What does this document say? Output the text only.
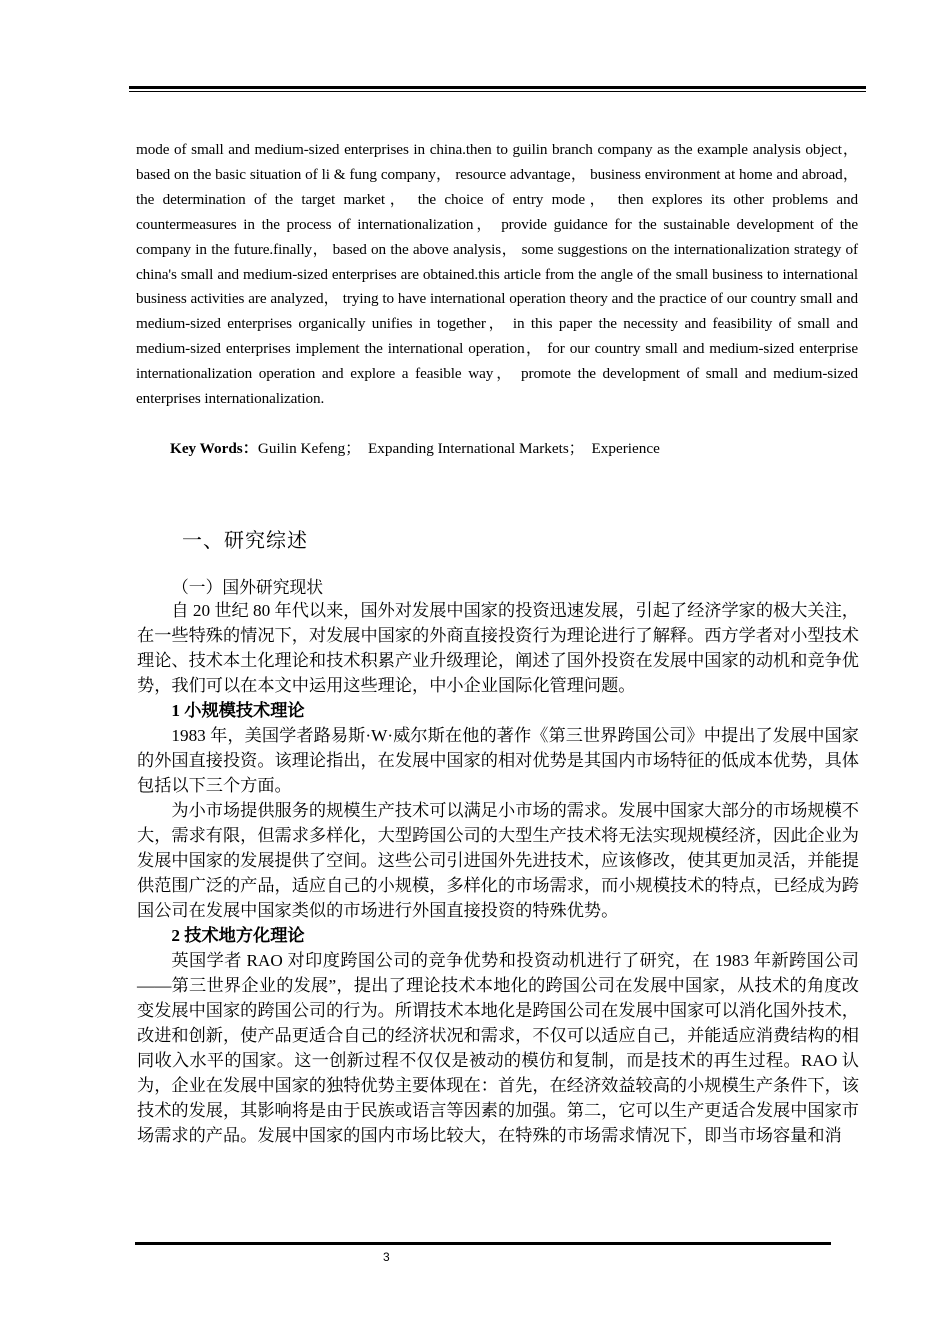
mode of small and medium-sized enterprises in china.then to guilin branch company as the example analysis object， based on the basic situation of li & fung company， resource advantage， business environment at home and abroad， the determination of the target market， the choice of entry mode， then explores its other problems and countermeasures in the process of internationalization， provide guidance for the sustainable development of the company in the future.finally， based on the above analysis， some suggestions on the internationalization strategy of china's small and medium-sized enterprises are obtained.this article from the angle of the small business to international business activities are analyzed， trying to have international operation theory and the practice of our country small and medium-sized enterprises organically unifies in together， in this paper the necessity and feasibility of small and medium-sized enterprises implement the international operation， for our country small and medium-sized enterprise internationalization operation and explore a feasible way， promote the development of small and medium-sized enterprises internationalization.

Key Words：Guilin Kefeng；  Expanding International Markets；  Experience
一、研究综述
（一）国外研究现状

自 20 世纪 80 年代以来，国外对发展中国家的投资迅速发展，引起了经济学家的极大关注，在一些特殊的情况下，对发展中国家的外商直接投资行为理论进行了解释。西方学者对小型技术理论、技术本土化理论和技术积累产业升级理论，阐述了国外投资在发展中国家的动机和竞争优势，我们可以在本文中运用这些理论，中小企业国际化管理问题。

1 小规模技术理论

1983 年，美国学者路易斯·W·威尔斯在他的著作《第三世界跨国公司》中提出了发展中国家的外国直接投资。该理论指出，在发展中国家的相对优势是其国内市场特征的低成本优势，具体包括以下三个方面。

为小市场提供服务的规模生产技术可以满足小市场的需求。发展中国家大部分的市场规模不大，需求有限，但需求多样化，大型跨国公司的大型生产技术将无法实现规模经济，因此企业为发展中国家的发展提供了空间。这些公司引进国外先进技术，应该修改，使其更加灵活，并能提供范围广泛的产品，适应自己的小规模，多样化的市场需求，而小规模技术的特点，已经成为跨国公司在发展中国家类似的市场进行外国直接投资的特殊优势。

2 技术地方化理论

英国学者 RAO 对印度跨国公司的竞争优势和投资动机进行了研究，在 1983 年新跨国公司——第三世界企业的发展”，提出了理论技术本地化的跨国公司在发展中国家，从技术的角度改变发展中国家的跨国公司的行为。所谓技术本地化是跨国公司在发展中国家可以消化国外技术，改进和创新，使产品更适合自己的经济状况和需求，不仅可以适应自己，并能适应消费结构的相同收入水平的国家。这一创新过程不仅仅是被动的模仿和复制，而是技术的再生过程。RAO 认为，企业在发展中国家的独特优势主要体现在：首先，在经济效益较高的小规模生产条件下，该技术的发展，其影响将是由于民族或语言等因素的加强。第二，它可以生产更适合发展中国家市场需求的产品。发展中国家的国内市场比较大，在特殊的市场需求情况下，即当市场容量和消

3
